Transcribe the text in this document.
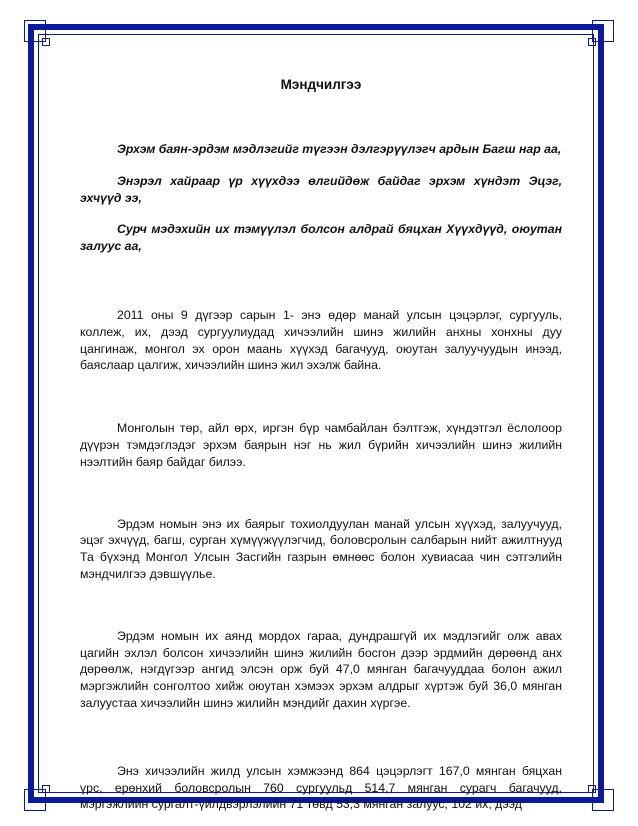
Мэндчилгээ

Эрхэм баян-эрдэм мэдлэгийг түгээн дэлгэрүүлэгч ардын Багш нар аа,

Энэрэл хайраар үр хүүхдээ өлгийдөж байдаг эрхэм хүндэт Эцэг, эхчүүд ээ,

Сурч мэдэхийн их тэмүүлэл болсон алдрай бяцхан Хүүхдүүд, оюутан залуус аа,

2011 оны 9 дүгээр сарын 1- энэ өдөр манай улсын цэцэрлэг, сургууль, коллеж, их, дээд сургуулиудад хичээлийн шинэ жилийн анхны хонхны дуу цангинаж, монгол эх орон маань хүүхэд багачууд, оюутан залуучуудын инээд, баяслаар цалгиж, хичээлийн шинэ жил эхэлж байна.

Монголын төр, айл өрх, иргэн бүр чамбайлан бэлтгэж, хүндэтгэл ёслолоор дүүрэн тэмдэглэдэг эрхэм баярын нэг нь жил бүрийн хичээлийн шинэ жилийн нээлтийн баяр байдаг билээ.

Эрдэм номын энэ их баярыг тохиолдуулан манай улсын хүүхэд, залуучууд, эцэг эхчүүд, багш, сурган хүмүүжүүлэгчид, боловсролын салбарын нийт ажилтнууд Та бүхэнд Монгол Улсын Засгийн газрын өмнөөс болон хувиасаа чин сэтгэлийн мэндчилгээ дэвшүүлье.

Эрдэм номын их аянд мордох гараа, дундрашгүй их мэдлэгийг олж авах цагийн эхлэл болсон хичээлийн шинэ жилийн босгон дээр эрдмийн дөрөөнд анх дөрөөлж, нэгдүгээр ангид элсэн орж буй 47,0 мянган багачууддаа болон ажил мэргэжлийн сонголтоо хийж оюутан хэмээх эрхэм алдрыг хүртэж буй 36,0 мянган залуустаа хичээлийн шинэ жилийн мэндийг дахин хүргэе.

Энэ хичээлийн жилд улсын хэмжээнд 864 цэцэрлэгт 167,0 мянган бяцхан үрс, ерөнхий боловсролын 760 сургуульд 514,7 мянган сурагч багачууд, мэргэжлийн сургалт-үйлдвэрлэлийн 71 төвд 53,3 мянган залуус, 102 их, дээд
